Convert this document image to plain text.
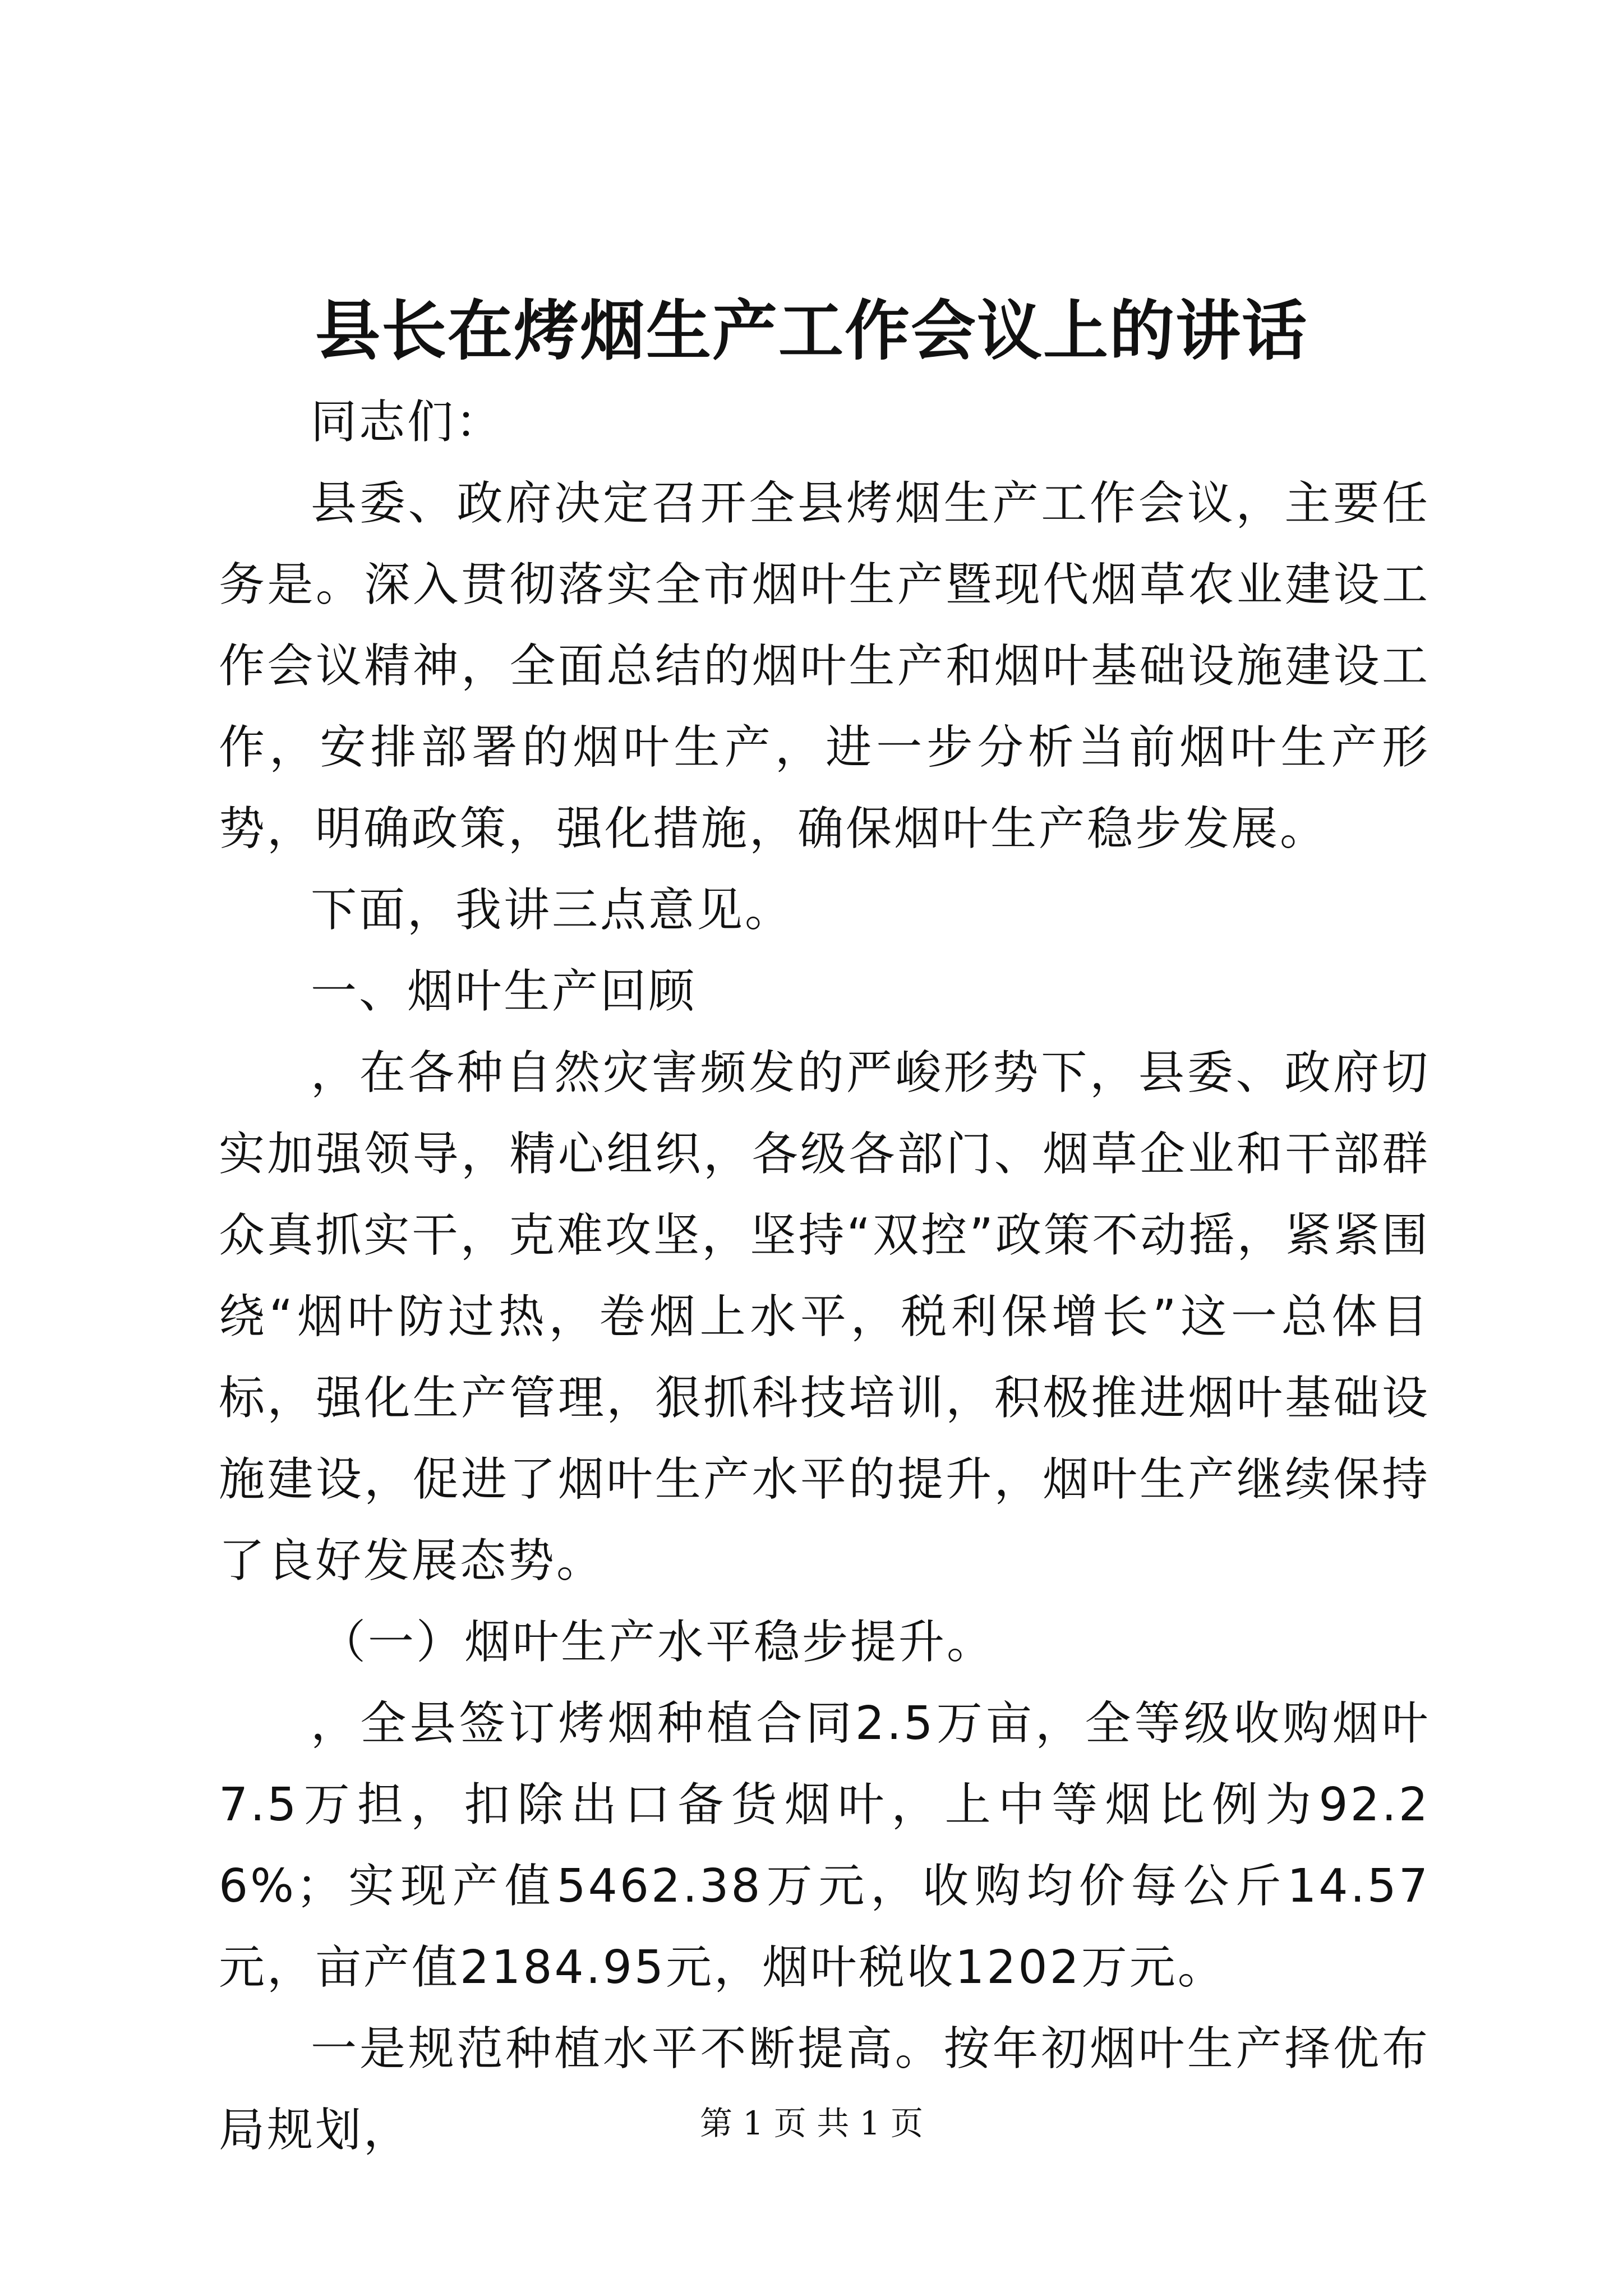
县长在烤烟生产工作会议上的讲话

同志们：

县委、政府决定召开全县烤烟生产工作会议，主要任务是。深入贯彻落实全市烟叶生产暨现代烟草农业建设工作会议精神，全面总结的烟叶生产和烟叶基础设施建设工作，安排部署的烟叶生产，进一步分析当前烟叶生产形势，明确政策，强化措施，确保烟叶生产稳步发展。

下面，我讲三点意见。

一、烟叶生产回顾

，在各种自然灾害频发的严峻形势下，县委、政府切实加强领导，精心组织，各级各部门、烟草企业和干部群众真抓实干，克难攻坚，坚持“双控”政策不动摇，紧紧围绕“烟叶防过热，卷烟上水平，税利保增长”这一总体目标，强化生产管理，狠抓科技培训，积极推进烟叶基础设施建设，促进了烟叶生产水平的提升，烟叶生产继续保持了良好发展态势。

（一）烟叶生产水平稳步提升。

，全县签订烤烟种植合同2.5万亩，全等级收购烟叶7.5万担，扣除出口备货烟叶，上中等烟比例为92.26%；实现产值5462.38万元，收购均价每公斤14.57元，亩产值2184.95元，烟叶税收1202万元。

一是规范种植水平不断提高。按年初烟叶生产择优布局规划，	第 1 页 共 1 页
